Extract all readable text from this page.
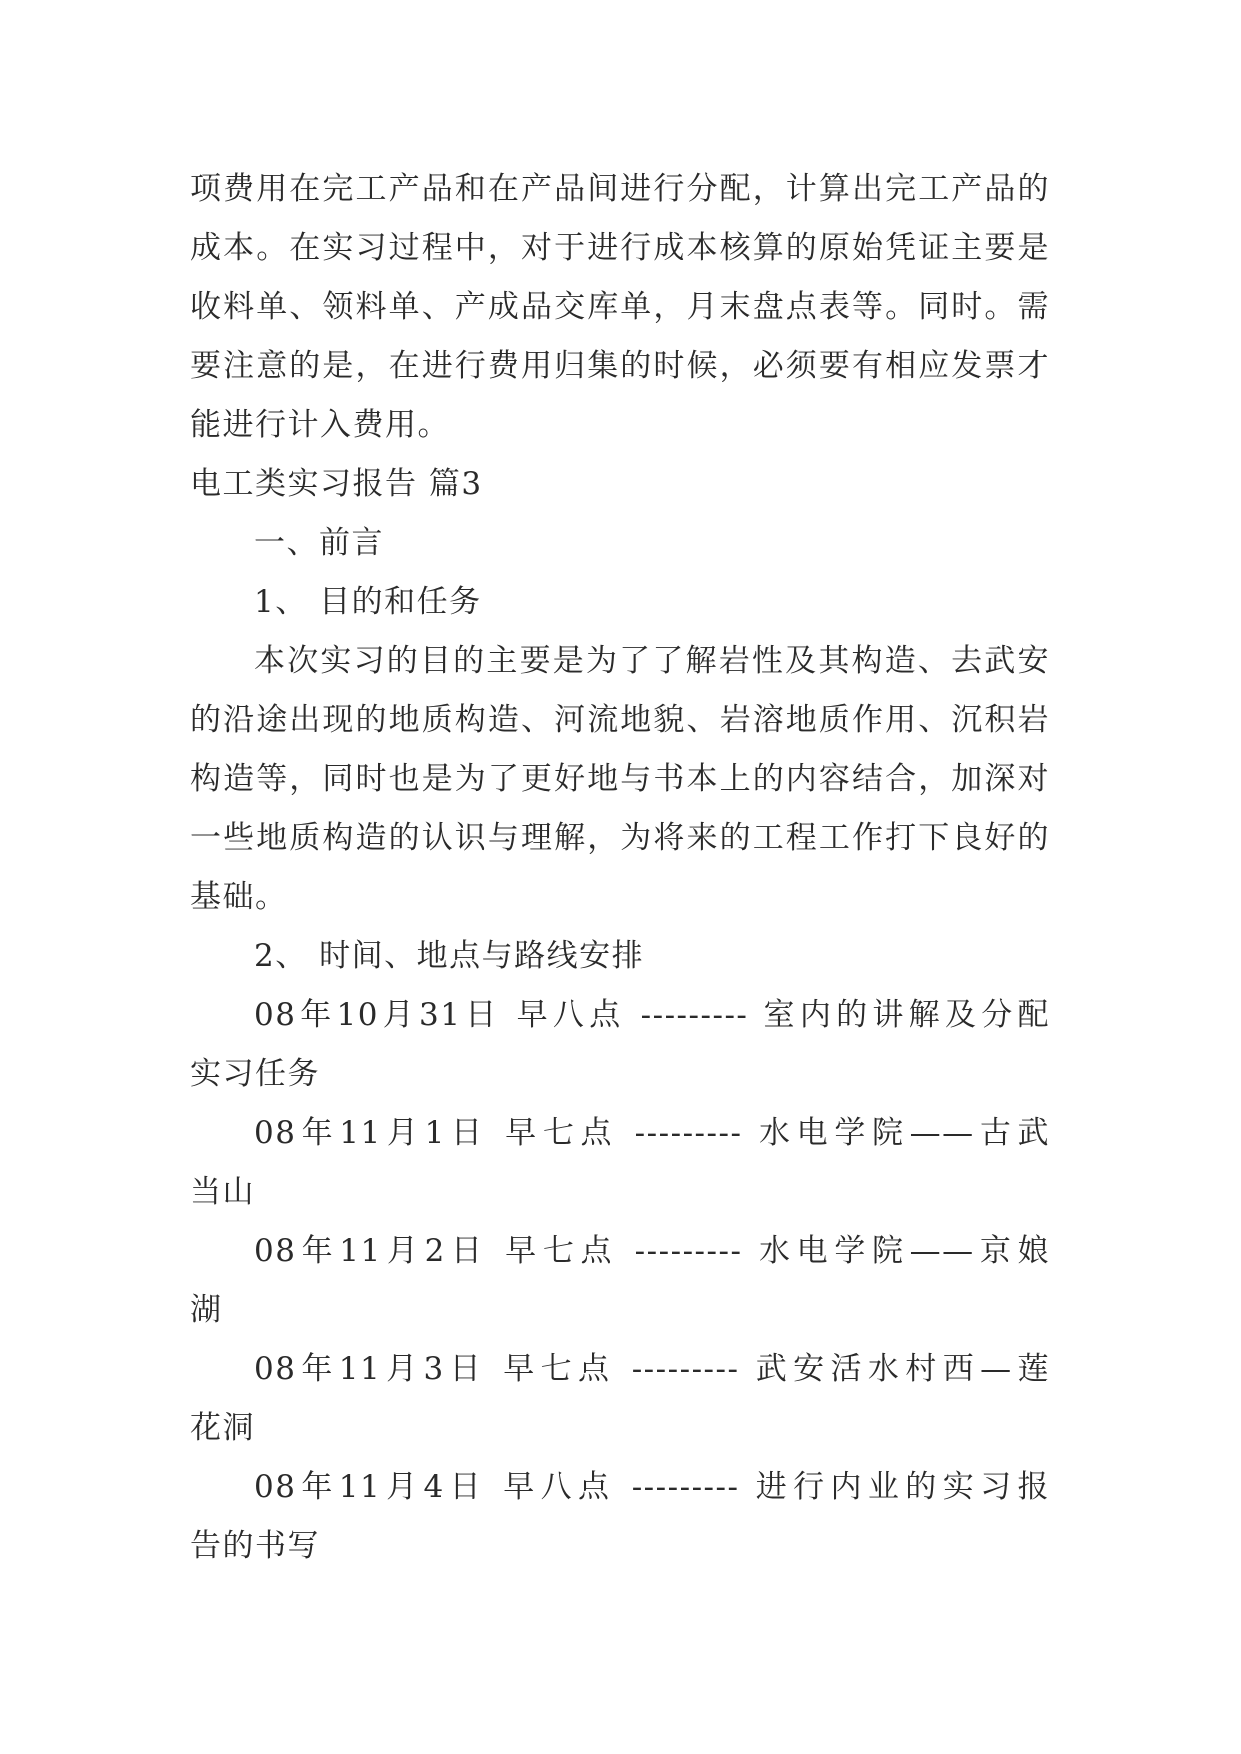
项费用在完工产品和在产品间进行分配，计算出完工产品的
成本。在实习过程中，对于进行成本核算的原始凭证主要是
收料单、领料单、产成品交库单，月末盘点表等。同时。需
要注意的是，在进行费用归集的时候，必须要有相应发票才
能进行计入费用。
电工类实习报告 篇3
一、前言
1、 目的和任务
本次实习的目的主要是为了了解岩性及其构造、去武安
的沿途出现的地质构造、河流地貌、岩溶地质作用、沉积岩
构造等，同时也是为了更好地与书本上的内容结合，加深对
一些地质构造的认识与理解，为将来的工程工作打下良好的
基础。
2、 时间、地点与路线安排
08年10月31日 早八点 --------- 室内的讲解及分配
实习任务
08年11月1日 早七点 --------- 水电学院——古武
当山
08年11月2日 早七点 --------- 水电学院——京娘
湖
08年11月3日 早七点 --------- 武安活水村西—莲
花洞
08年11月4日 早八点 --------- 进行内业的实习报
告的书写
